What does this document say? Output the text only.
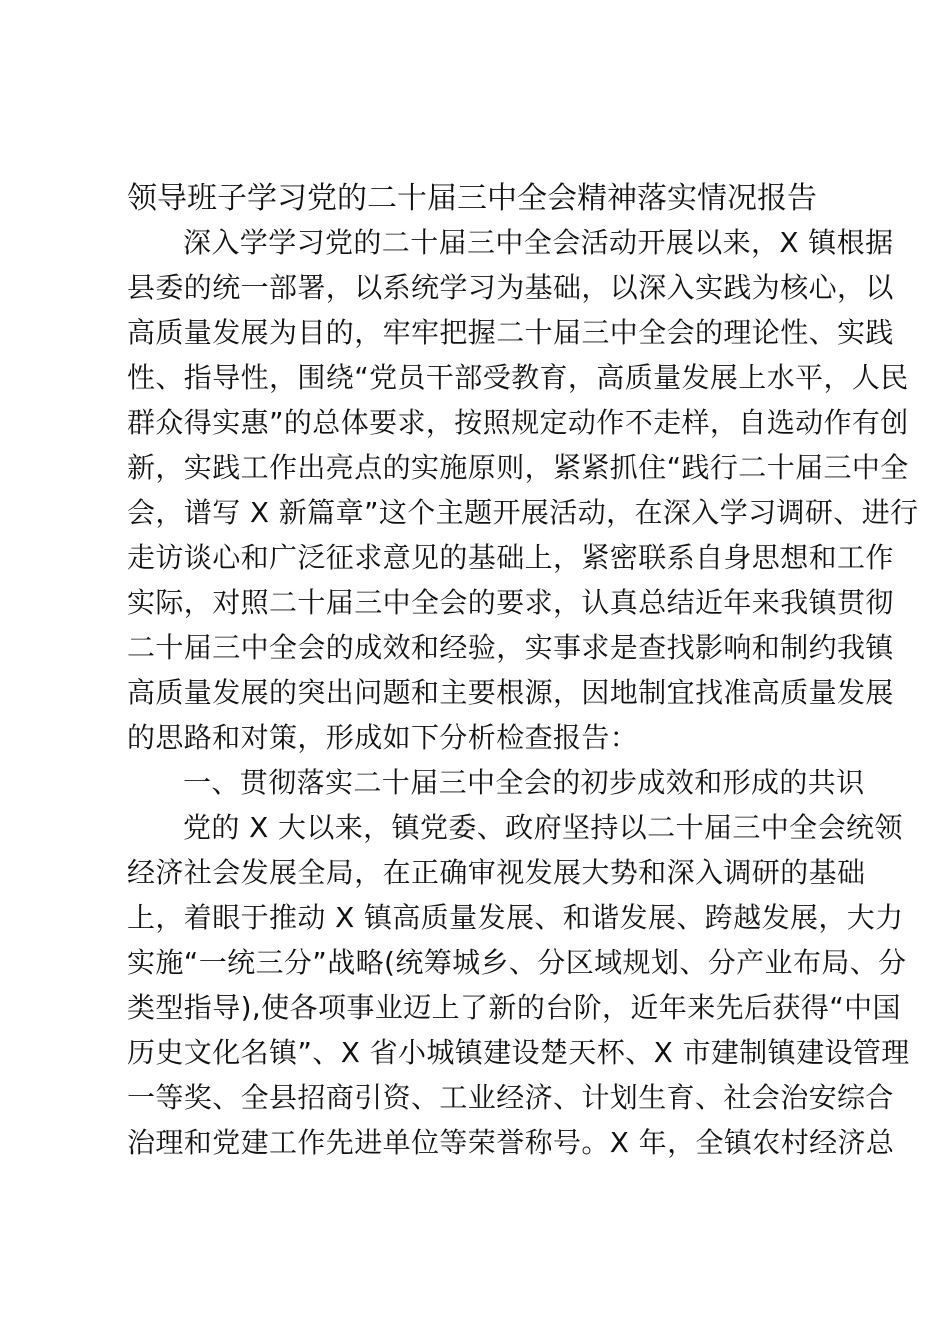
领导班子学习党的二十届三中全会精神落实情况报告

深入学学习党的二十届三中全会活动开展以来，X 镇根据

县委的统一部署，以系统学习为基础，以深入实践为核心，以

高质量发展为目的，牢牢把握二十届三中全会的理论性、实践

性、指导性，围绕“党员干部受教育，高质量发展上水平，人民

群众得实惠”的总体要求，按照规定动作不走样，自选动作有创

新，实践工作出亮点的实施原则，紧紧抓住“践行二十届三中全

会，谱写 X 新篇章”这个主题开展活动，在深入学习调研、进行

走访谈心和广泛征求意见的基础上，紧密联系自身思想和工作

实际，对照二十届三中全会的要求，认真总结近年来我镇贯彻

二十届三中全会的成效和经验，实事求是查找影响和制约我镇

高质量发展的突出问题和主要根源，因地制宜找准高质量发展

的思路和对策，形成如下分析检查报告：

一、贯彻落实二十届三中全会的初步成效和形成的共识

党的 X 大以来，镇党委、政府坚持以二十届三中全会统领

经济社会发展全局，在正确审视发展大势和深入调研的基础

上，着眼于推动 X 镇高质量发展、和谐发展、跨越发展，大力

实施“一统三分”战略(统筹城乡、分区域规划、分产业布局、分

类型指导),使各项事业迈上了新的台阶，近年来先后获得“中国

历史文化名镇”、X 省小城镇建设楚天杯、X 市建制镇建设管理

一等奖、全县招商引资、工业经济、计划生育、社会治安综合

治理和党建工作先进单位等荣誉称号。X 年，全镇农村经济总
